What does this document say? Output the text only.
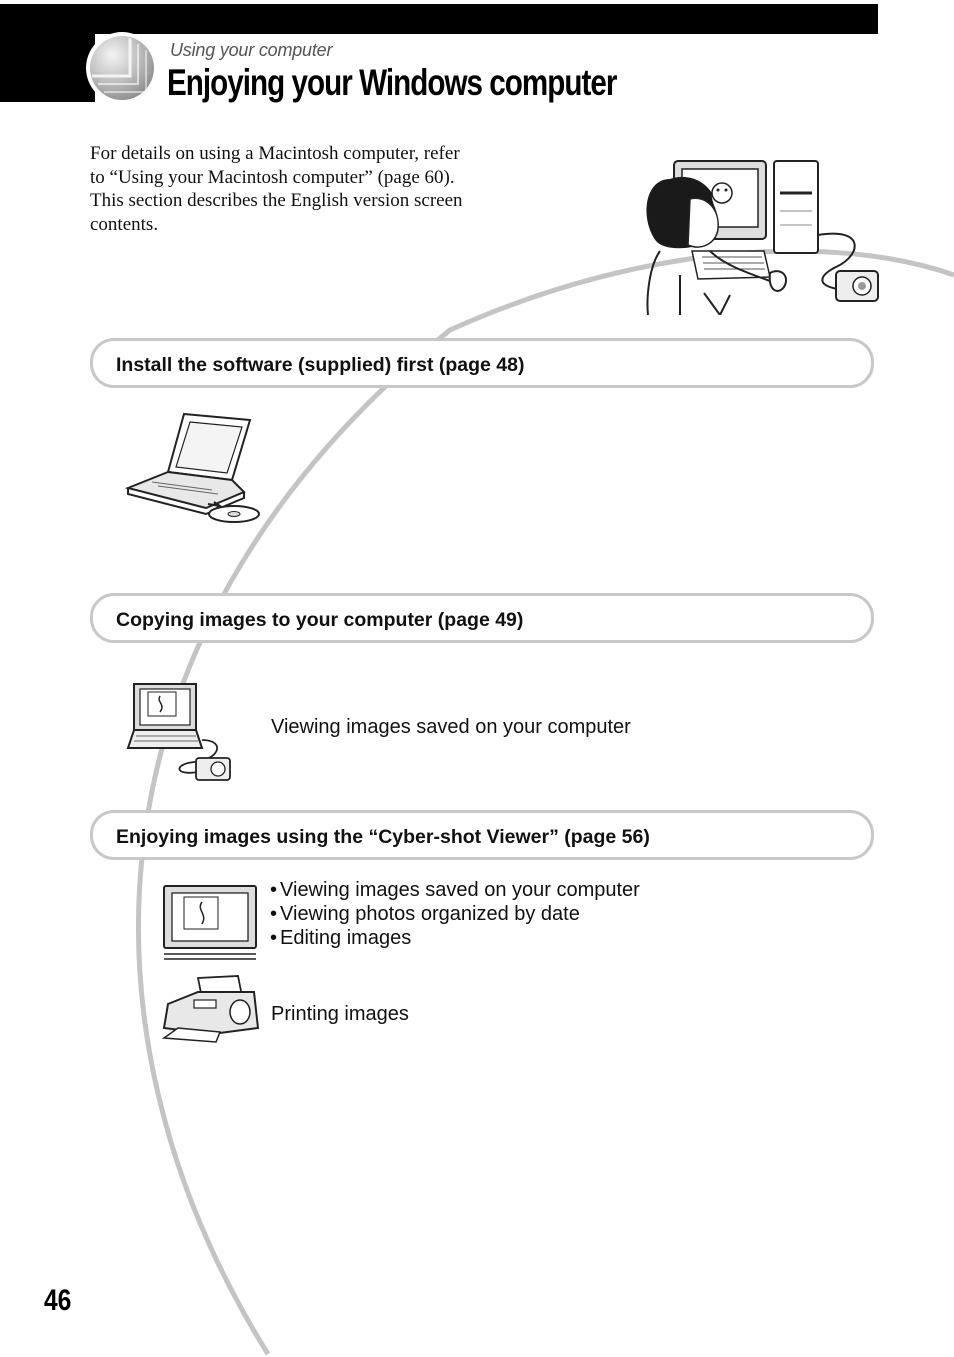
Using your computer
Enjoying your Windows computer

For details on using a Macintosh computer, refer to “Using your Macintosh computer” (page 60).

This section describes the English version screen contents.

Install the software (supplied) first (page 48)
Copying images to your computer (page 49)
Viewing images saved on your computer
Enjoying images using the “Cyber-shot Viewer” (page 56)
• Viewing images saved on your computer
• Viewing photos organized by date
• Editing images
Printing images
46
